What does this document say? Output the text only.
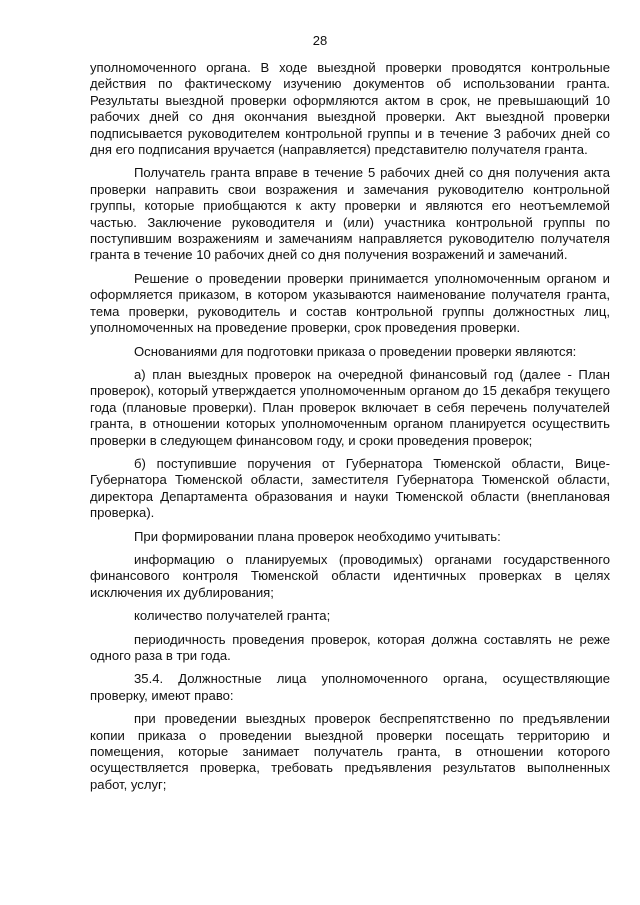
28

уполномоченного органа. В ходе выездной проверки проводятся контрольные действия по фактическому изучению документов об использовании гранта. Результаты выездной проверки оформляются актом в срок, не превышающий 10 рабочих дней со дня окончания выездной проверки. Акт выездной проверки подписывается руководителем контрольной группы и в течение 3 рабочих дней со дня его подписания вручается (направляется) представителю получателя гранта.

Получатель гранта вправе в течение 5 рабочих дней со дня получения акта проверки направить свои возражения и замечания руководителю контрольной группы, которые приобщаются к акту проверки и являются его неотъемлемой частью. Заключение руководителя и (или) участника контрольной группы по поступившим возражениям и замечаниям направляется руководителю получателя гранта в течение 10 рабочих дней со дня получения возражений и замечаний.

Решение о проведении проверки принимается уполномоченным органом и оформляется приказом, в котором указываются наименование получателя гранта, тема проверки, руководитель и состав контрольной группы должностных лиц, уполномоченных на проведение проверки, срок проведения проверки.

Основаниями для подготовки приказа о проведении проверки являются:

а) план выездных проверок на очередной финансовый год (далее - План проверок), который утверждается уполномоченным органом до 15 декабря текущего года (плановые проверки). План проверок включает в себя перечень получателей гранта, в отношении которых уполномоченным органом планируется осуществить проверки в следующем финансовом году, и сроки проведения проверок;

б) поступившие поручения от Губернатора Тюменской области, Вице-Губернатора Тюменской области, заместителя Губернатора Тюменской области, директора Департамента образования и науки Тюменской области (внеплановая проверка).

При формировании плана проверок необходимо учитывать:

информацию о планируемых (проводимых) органами государственного финансового контроля Тюменской области идентичных проверках в целях исключения их дублирования;

количество получателей гранта;

периодичность проведения проверок, которая должна составлять не реже одного раза в три года.

35.4. Должностные лица уполномоченного органа, осуществляющие проверку, имеют право:

при проведении выездных проверок беспрепятственно по предъявлении копии приказа о проведении выездной проверки посещать территорию и помещения, которые занимает получатель гранта, в отношении которого осуществляется проверка, требовать предъявления результатов выполненных работ, услуг;
